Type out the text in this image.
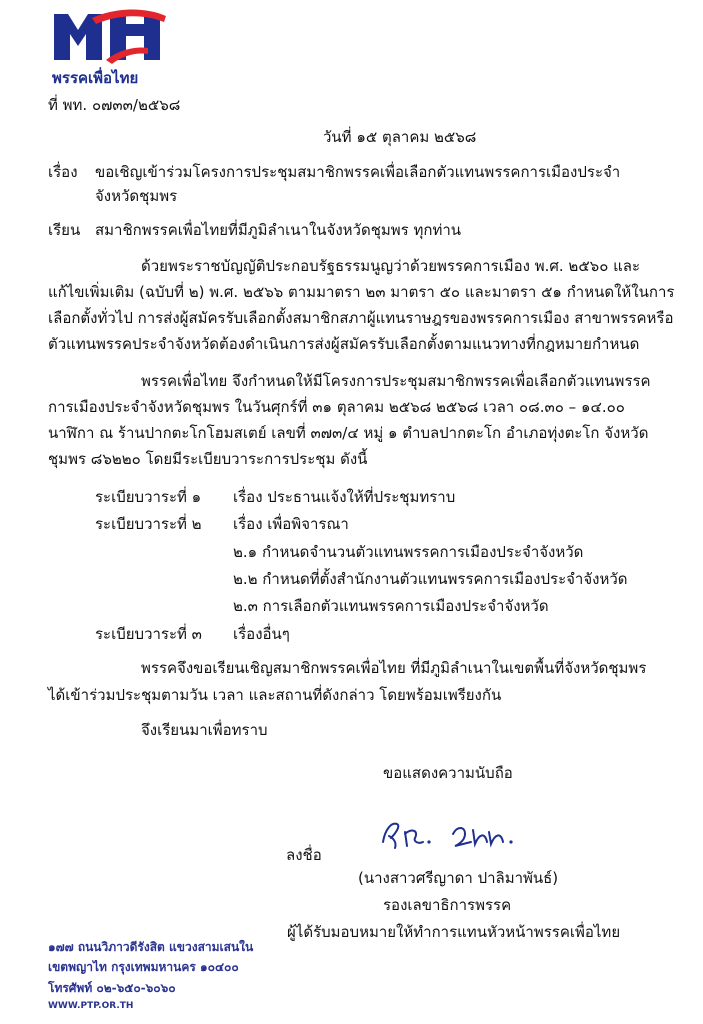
พรรคเพื่อไทย
ที่ พท. ๐๗๓๓/๒๕๖๘
วันที่ ๑๕ ตุลาคม ๒๕๖๘
เรื่อง ขอเชิญเข้าร่วมโครงการประชุมสมาชิกพรรคเพื่อเลือกตัวแทนพรรคการเมืองประจำ
จังหวัดชุมพร
เรียน สมาชิกพรรคเพื่อไทยที่มีภูมิลำเนาในจังหวัดชุมพร ทุกท่าน
ด้วยพระราชบัญญัติประกอบรัฐธรรมนูญว่าด้วยพรรคการเมือง พ.ศ. ๒๕๖๐ และ
แก้ไขเพิ่มเติม (ฉบับที่ ๒) พ.ศ. ๒๕๖๖ ตามมาตรา ๒๓ มาตรา ๕๐ และมาตรา ๕๑ กำหนดให้ในการ
เลือกตั้งทั่วไป การส่งผู้สมัครรับเลือกตั้งสมาชิกสภาผู้แทนราษฎรของพรรคการเมือง สาขาพรรคหรือ
ตัวแทนพรรคประจำจังหวัดต้องดำเนินการส่งผู้สมัครรับเลือกตั้งตามแนวทางที่กฎหมายกำหนด
พรรคเพื่อไทย จึงกำหนดให้มีโครงการประชุมสมาชิกพรรคเพื่อเลือกตัวแทนพรรค
การเมืองประจำจังหวัดชุมพร ในวันศุกร์ที่ ๓๑ ตุลาคม ๒๕๖๘ ๒๕๖๘ เวลา ๐๘.๓๐ – ๑๔.๐๐
นาฬิกา ณ ร้านปากตะโกโฮมสเตย์ เลขที่ ๓๗๓/๔ หมู่ ๑ ตำบลปากตะโก อำเภอทุ่งตะโก จังหวัด
ชุมพร ๘๖๒๒๐ โดยมีระเบียบวาระการประชุม ดังนี้
ระเบียบวาระที่ ๑ เรื่อง ประธานแจ้งให้ที่ประชุมทราบ
ระเบียบวาระที่ ๒ เรื่อง เพื่อพิจารณา
๒.๑ กำหนดจำนวนตัวแทนพรรคการเมืองประจำจังหวัด
๒.๒ กำหนดที่ตั้งสำนักงานตัวแทนพรรคการเมืองประจำจังหวัด
๒.๓ การเลือกตัวแทนพรรคการเมืองประจำจังหวัด
ระเบียบวาระที่ ๓ เรื่องอื่นๆ
พรรคจึงขอเรียนเชิญสมาชิกพรรคเพื่อไทย ที่มีภูมิลำเนาในเขตพื้นที่จังหวัดชุมพร
ได้เข้าร่วมประชุมตามวัน เวลา และสถานที่ดังกล่าว โดยพร้อมเพรียงกัน
จึงเรียนมาเพื่อทราบ
ขอแสดงความนับถือ
ลงชื่อ
(นางสาวศรีญาดา ปาลิมาพันธ์)
รองเลขาธิการพรรค
ผู้ได้รับมอบหมายให้ทำการแทนหัวหน้าพรรคเพื่อไทย
๑๗๗ ถนนวิภาวดีรังสิต แขวงสามเสนใน
เขตพญาไท กรุงเทพมหานคร ๑๐๔๐๐
โทรศัพท์ ๐๒-๖๕๐-๖๐๖๐
WWW.PTP.OR.TH
